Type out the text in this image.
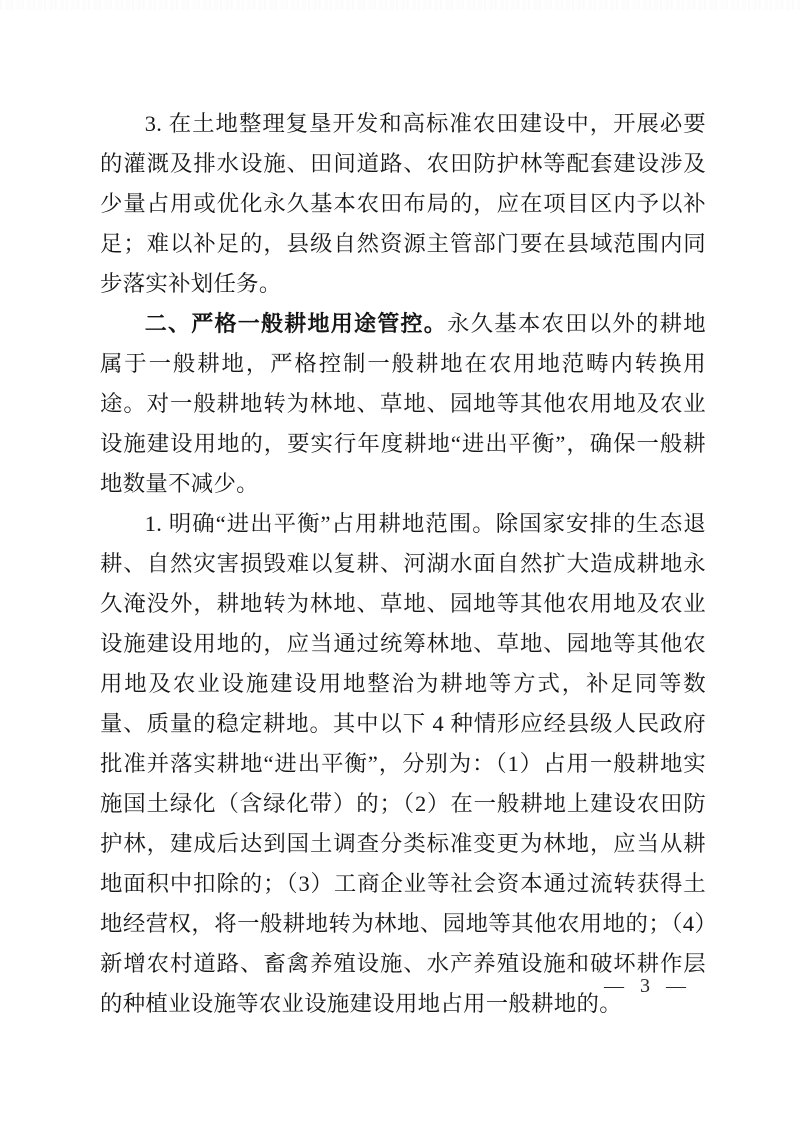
3. 在土地整理复垦开发和高标准农田建设中，开展必要的灌溉及排水设施、田间道路、农田防护林等配套建设涉及少量占用或优化永久基本农田布局的，应在项目区内予以补足；难以补足的，县级自然资源主管部门要在县域范围内同步落实补划任务。

二、严格一般耕地用途管控。永久基本农田以外的耕地属于一般耕地，严格控制一般耕地在农用地范畴内转换用途。对一般耕地转为林地、草地、园地等其他农用地及农业设施建设用地的，要实行年度耕地“进出平衡”，确保一般耕地数量不减少。

1. 明确“进出平衡”占用耕地范围。除国家安排的生态退耕、自然灾害损毁难以复耕、河湖水面自然扩大造成耕地永久淹没外，耕地转为林地、草地、园地等其他农用地及农业设施建设用地的，应当通过统筹林地、草地、园地等其他农用地及农业设施建设用地整治为耕地等方式，补足同等数量、质量的稳定耕地。其中以下 4 种情形应经县级人民政府批准并落实耕地“进出平衡”，分别为：（1）占用一般耕地实施国土绿化（含绿化带）的；（2）在一般耕地上建设农田防护林，建成后达到国土调查分类标准变更为林地，应当从耕地面积中扣除的；（3）工商企业等社会资本通过流转获得土地经营权，将一般耕地转为林地、园地等其他农用地的；（4）新增农村道路、畜禽养殖设施、水产养殖设施和破坏耕作层的种植业设施等农业设施建设用地占用一般耕地的。

—  3  —
